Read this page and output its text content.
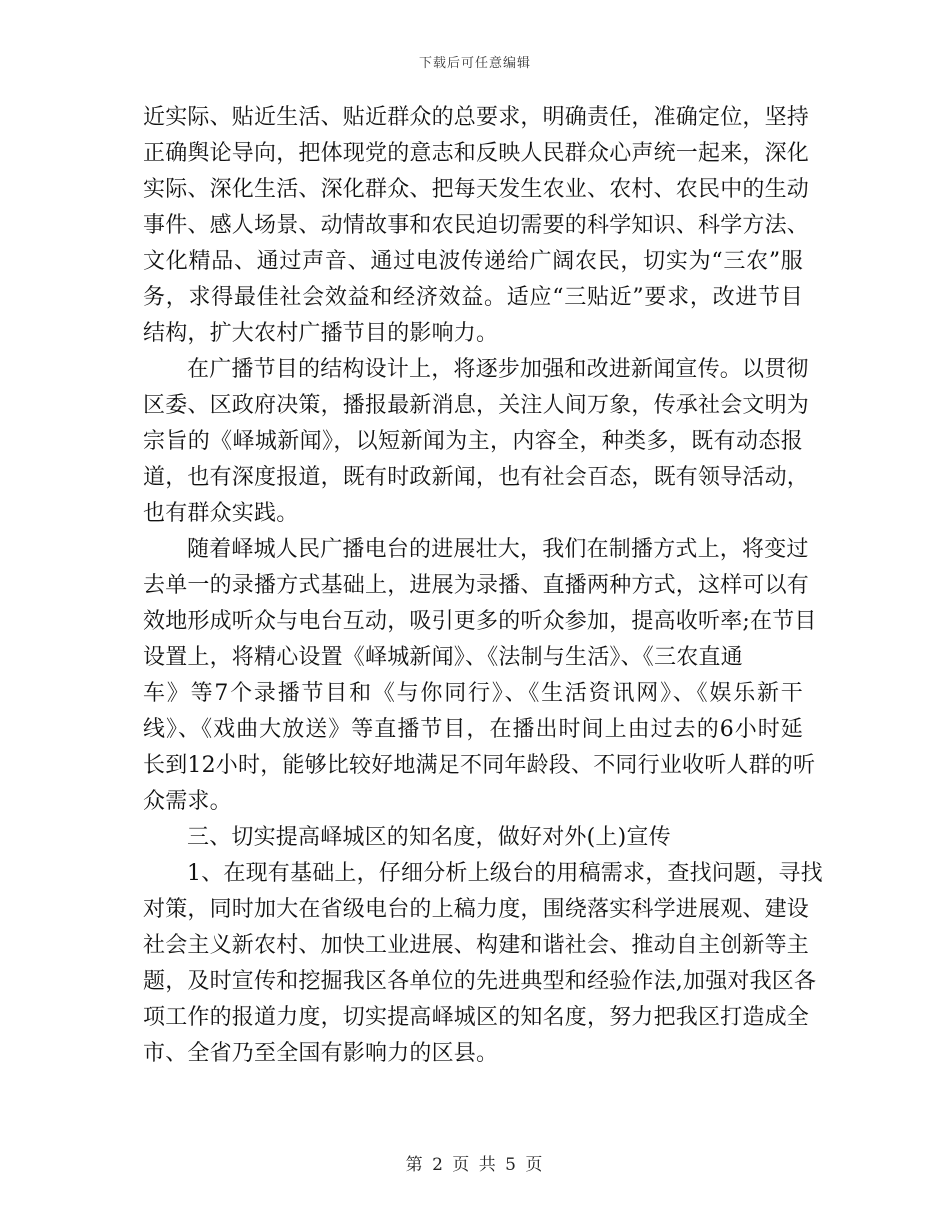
下载后可任意编辑
近实际、贴近生活、贴近群众的总要求，明确责任，准确定位，坚持
正确舆论导向，把体现党的意志和反映人民群众心声统一起来，深化
实际、深化生活、深化群众、把每天发生农业、农村、农民中的生动
事件、感人场景、动情故事和农民迫切需要的科学知识、科学方法、
文化精品、通过声音、通过电波传递给广阔农民，切实为“三农”服
务，求得最佳社会效益和经济效益。适应“三贴近”要求，改进节目
结构，扩大农村广播节目的影响力。
在广播节目的结构设计上，将逐步加强和改进新闻宣传。以贯彻
区委、区政府决策，播报最新消息，关注人间万象，传承社会文明为
宗旨的《峄城新闻》，以短新闻为主，内容全，种类多，既有动态报
道，也有深度报道，既有时政新闻，也有社会百态，既有领导活动，
也有群众实践。
随着峄城人民广播电台的进展壮大，我们在制播方式上，将变过
去单一的录播方式基础上，进展为录播、直播两种方式，这样可以有
效地形成听众与电台互动，吸引更多的听众参加，提高收听率;在节目
设置上，将精心设置《峄城新闻》、《法制与生活》、《三农直通
车》等7个录播节目和《与你同行》、《生活资讯网》、《娱乐新干
线》、《戏曲大放送》等直播节目，在播出时间上由过去的6小时延
长到12小时，能够比较好地满足不同年龄段、不同行业收听人群的听
众需求。
三、切实提高峄城区的知名度，做好对外(上)宣传
1、在现有基础上，仔细分析上级台的用稿需求，查找问题，寻找
对策，同时加大在省级电台的上稿力度，围绕落实科学进展观、建设
社会主义新农村、加快工业进展、构建和谐社会、推动自主创新等主
题，及时宣传和挖掘我区各单位的先进典型和经验作法,加强对我区各
项工作的报道力度，切实提高峄城区的知名度，努力把我区打造成全
市、全省乃至全国有影响力的区县。
第 2 页 共 5 页
